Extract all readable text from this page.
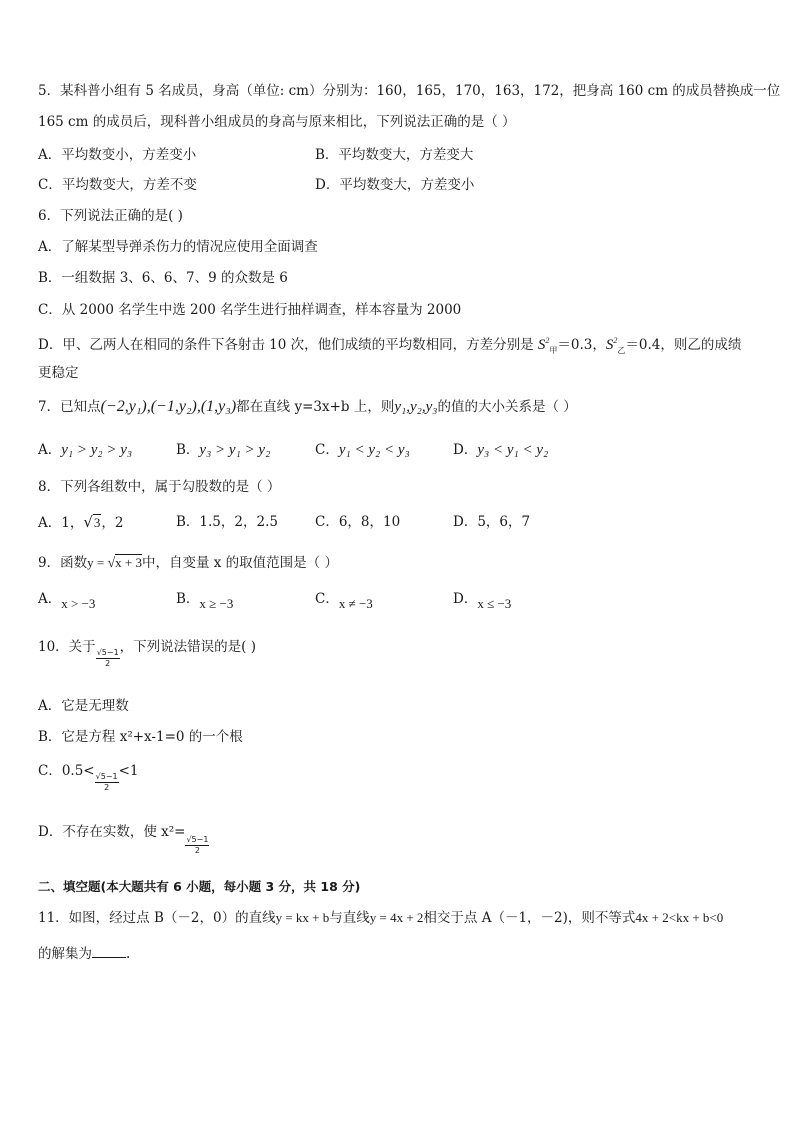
5．某科普小组有 5 名成员，身高（单位: cm）分别为：160，165，170，163，172，把身高 160 cm 的成员替换成一位
165 cm 的成员后，现科普小组成员的身高与原来相比，下列说法正确的是（ ）
A．平均数变小，方差变小	B．平均数变大，方差变大
C．平均数变大，方差不变	D．平均数变大，方差变小
6．下列说法正确的是( )
A．了解某型导弹杀伤力的情况应使用全面调查
B．一组数据 3、6、6、7、9 的众数是 6
C．从 2000 名学生中选 200 名学生进行抽样调查，样本容量为 2000
D．甲、乙两人在相同的条件下各射击 10 次，他们成绩的平均数相同，方差分别是 $S^2_甲=0.3$，$S^2_乙=0.4$，则乙的成绩
更稳定
7．已知点(−2,y₁),(−1,y₂),(1,y₃)都在直线 y=3x+b 上，则y₁,y₂,y₃的值的大小关系是（ ）
A．y₁ > y₂ > y₃	B．y₃ > y₁ > y₂	C．y₁ < y₂ < y₃	D．y₃ < y₁ < y₂
8．下列各组数中，属于勾股数的是（ ）
A．1，√3，2	B．1.5，2，2.5	C．6，8，10	D．5，6，7
9．函数y = √x + 3中，自变量 x 的取值范围是（ ）
A．x > −3	B．x ≥ −3	C．x ≠ −3	D．x ≤ −3
10．关于
$\frac{√5-1}{2}$
，下列说法错误的是( )
A．它是无理数
B．它是方程 x²+x-1=0 的一个根
C．0.5<
$\frac{√5-1}{2}$
<1
D．不存在实数，使 x²=
$\frac{√5-1}{2}$
二、填空题(本大题共有 6 小题，每小题 3 分，共 18 分)
11．如图，经过点 B（－2，0）的直线y = kx + b与直线y = 4x + 2相交于点 A（－1，－2)，则不等式4x + 2<kx + b<0
的解集为	.
